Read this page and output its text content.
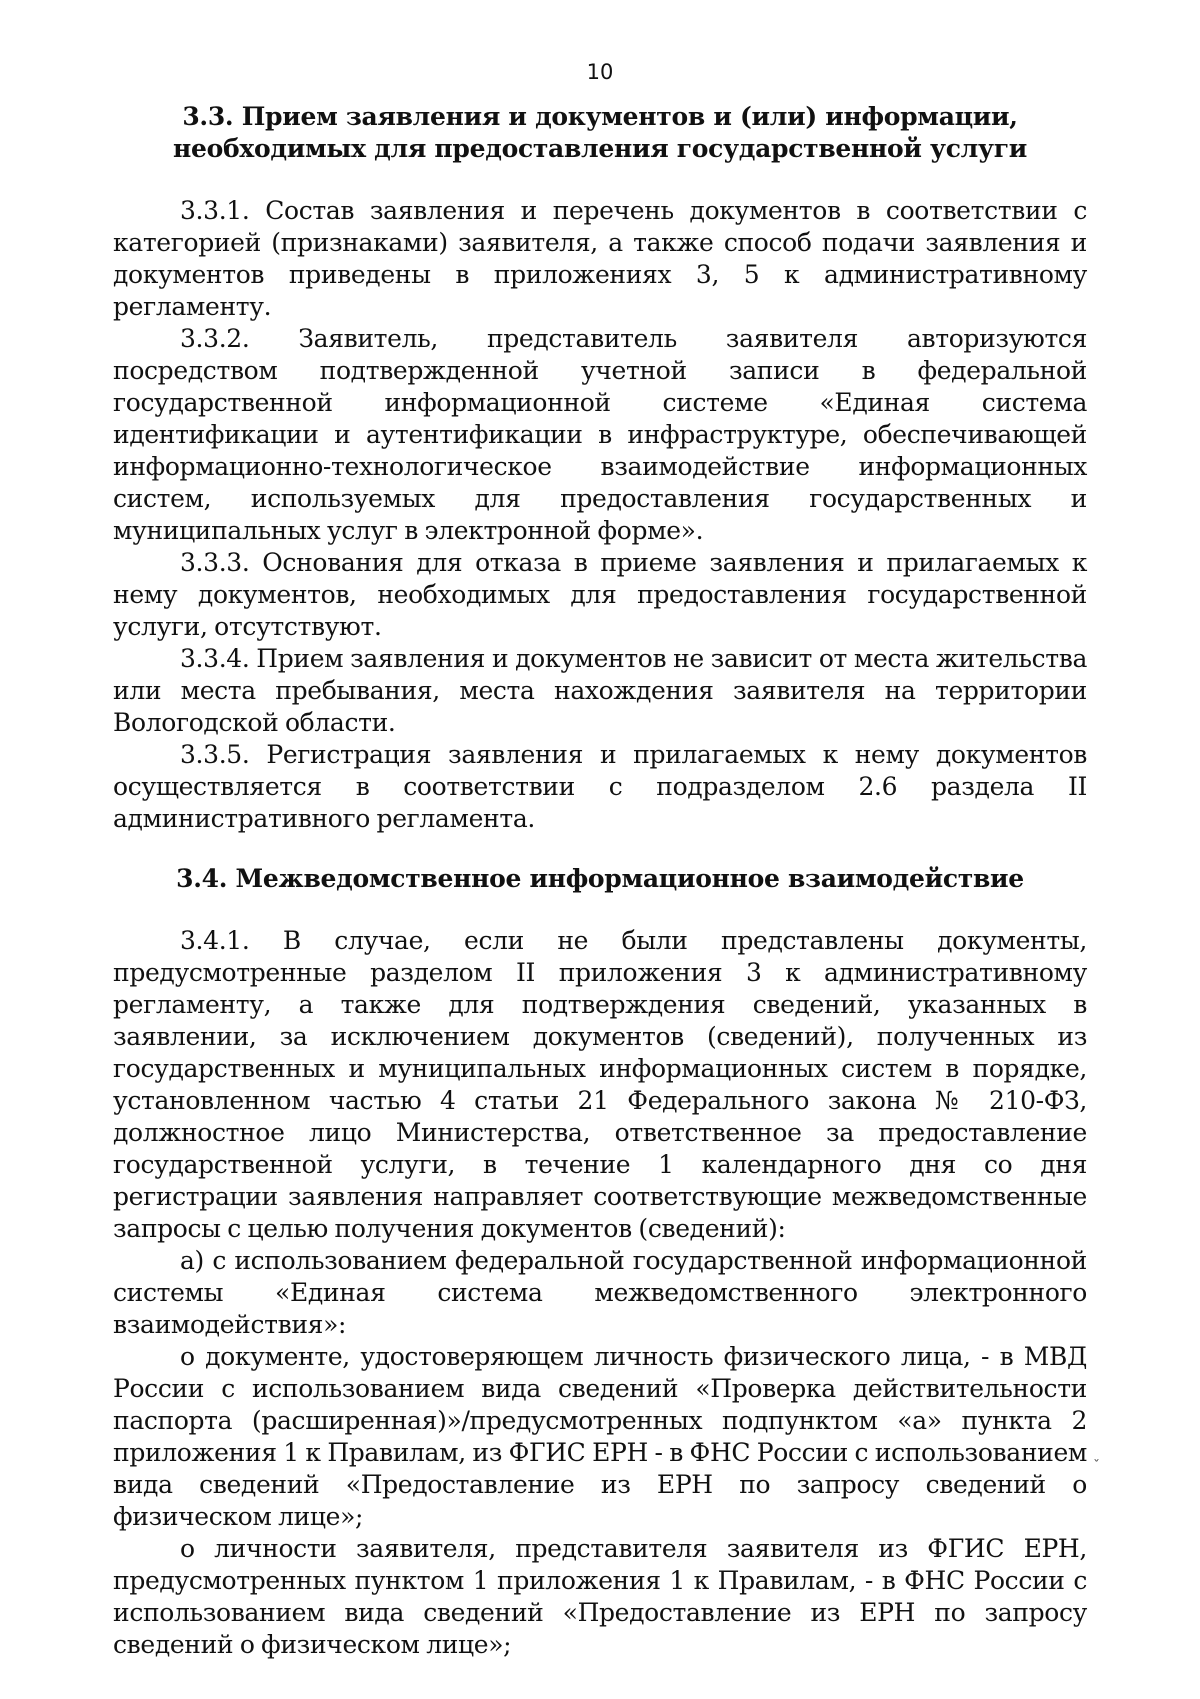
10
3.3. Прием заявления и документов и (или) информации,
необходимых для предоставления государственной услуги

3.3.1. Состав заявления и перечень документов в соответствии с категорией (признаками) заявителя, а также способ подачи заявления и документов приведены в приложениях 3, 5 к административному регламенту.

3.3.2. Заявитель, представитель заявителя авторизуются посредством подтвержденной учетной записи в федеральной государственной информационной системе «Единая система идентификации и аутентификации в инфраструктуре, обеспечивающей информационно-технологическое взаимодействие информационных систем, используемых для предоставления государственных и муниципальных услуг в электронной форме».

3.3.3. Основания для отказа в приеме заявления и прилагаемых к нему документов, необходимых для предоставления государственной услуги, отсутствуют.

3.3.4. Прием заявления и документов не зависит от места жительства или места пребывания, места нахождения заявителя на территории Вологодской области.

3.3.5. Регистрация заявления и прилагаемых к нему документов осуществляется в соответствии с подразделом 2.6 раздела II административного регламента.

3.4. Межведомственное информационное взаимодействие

3.4.1. В случае, если не были представлены документы, предусмотренные разделом II приложения 3 к административному регламенту, а также для подтверждения сведений, указанных в заявлении, за исключением документов (сведений), полученных из государственных и муниципальных информационных систем в порядке, установленном частью 4 статьи 21 Федерального закона № 210-ФЗ, должностное лицо Министерства, ответственное за предоставление государственной услуги, в течение 1 календарного дня со дня регистрации заявления направляет соответствующие межведомственные запросы с целью получения документов (сведений):

а) с использованием федеральной государственной информационной системы «Единая система межведомственного электронного взаимодействия»:

о документе, удостоверяющем личность физического лица, - в МВД России с использованием вида сведений «Проверка действительности паспорта (расширенная)»/предусмотренных подпунктом «а» пункта 2 приложения 1 к Правилам, из ФГИС ЕРН - в ФНС России с использованием вида сведений «Предоставление из ЕРН по запросу сведений о физическом лице»;

о личности заявителя, представителя заявителя из ФГИС ЕРН, предусмотренных пунктом 1 приложения 1 к Правилам, - в ФНС России с использованием вида сведений «Предоставление из ЕРН по запросу сведений о физическом лице»;

ˇ
